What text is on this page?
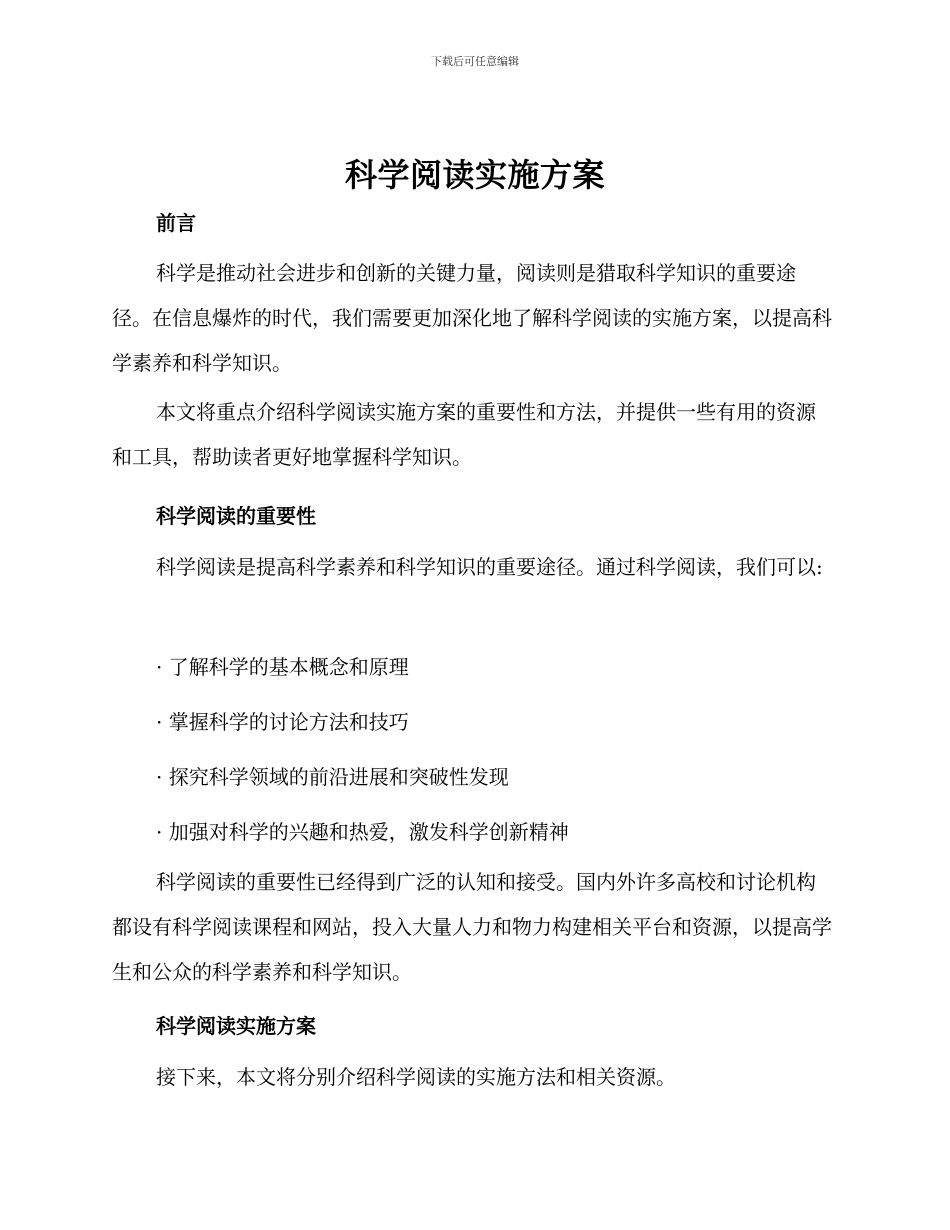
下载后可任意编辑
科学阅读实施方案
前言
科学是推动社会进步和创新的关键力量，阅读则是猎取科学知识的重要途径。在信息爆炸的时代，我们需要更加深化地了解科学阅读的实施方案，以提高科学素养和科学知识。
本文将重点介绍科学阅读实施方案的重要性和方法，并提供一些有用的资源和工具，帮助读者更好地掌握科学知识。
科学阅读的重要性
科学阅读是提高科学素养和科学知识的重要途径。通过科学阅读，我们可以:
· 了解科学的基本概念和原理
· 掌握科学的讨论方法和技巧
· 探究科学领域的前沿进展和突破性发现
· 加强对科学的兴趣和热爱，激发科学创新精神
科学阅读的重要性已经得到广泛的认知和接受。国内外许多高校和讨论机构都设有科学阅读课程和网站，投入大量人力和物力构建相关平台和资源，以提高学生和公众的科学素养和科学知识。
科学阅读实施方案
接下来，本文将分别介绍科学阅读的实施方法和相关资源。
